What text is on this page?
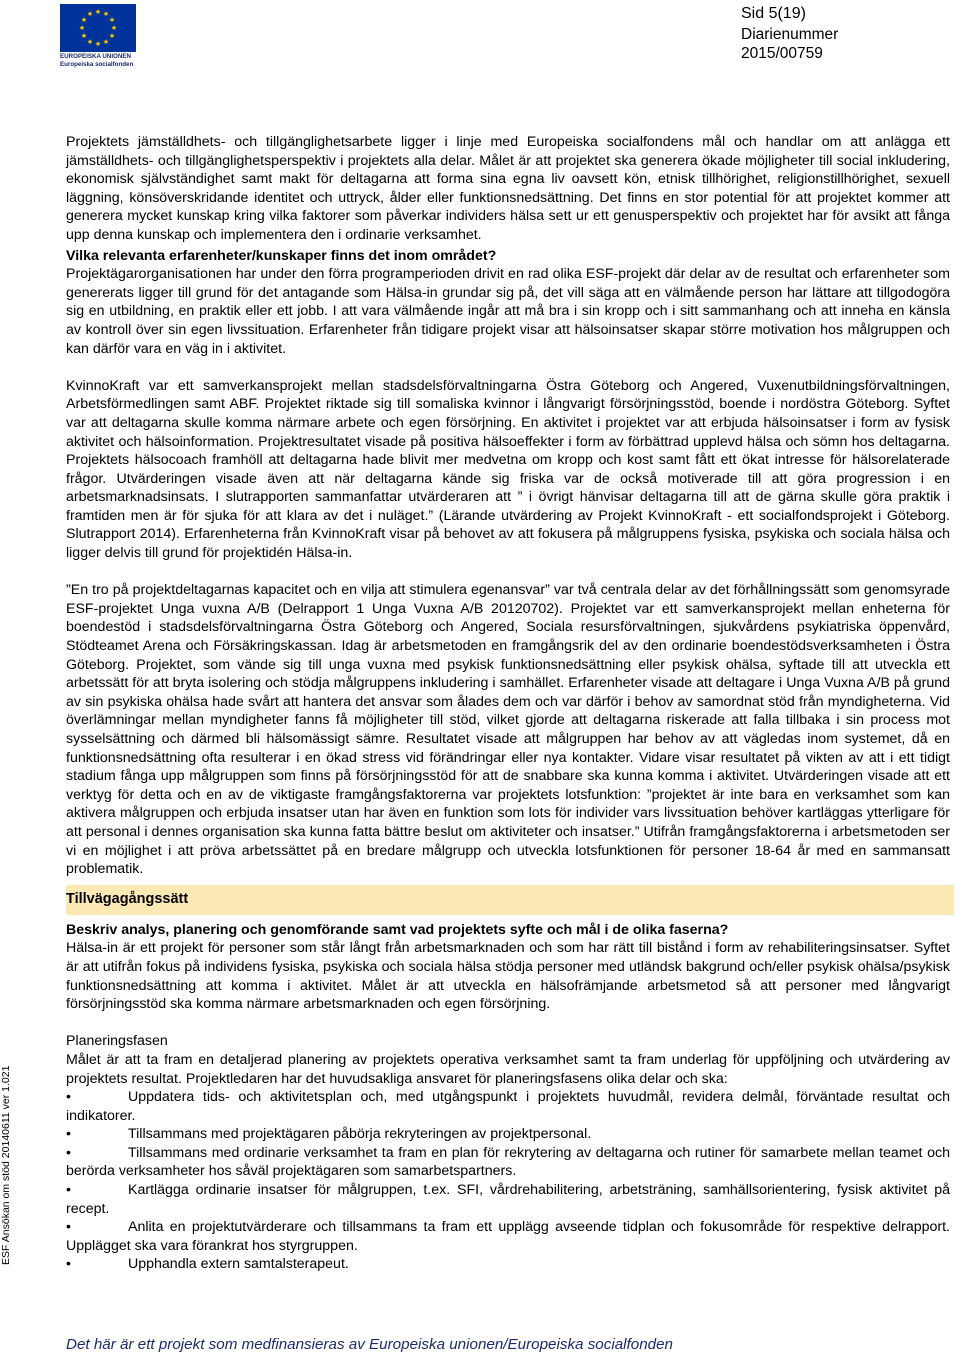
★ ★
★
★
★
★
★
★
★
★
★
★
EUROPEISKA UNIONEN
Europeiska socialfonden
Sid 5(19)
Diarienummer
2015/00759
ESF Ansökan om stöd 20140611 ver 1.021

Projektets jämställdhets- och tillgänglighetsarbete ligger i linje med Europeiska socialfondens mål och handlar om att anlägga ett jämställdhets- och tillgänglighetsperspektiv i projektets alla delar. Målet är att projektet ska generera ökade möjligheter till social inkludering, ekonomisk självständighet samt makt för deltagarna att forma sina egna liv oavsett kön, etnisk tillhörighet, religionstillhörighet, sexuell läggning, könsöverskridande identitet och uttryck, ålder eller funktionsnedsättning. Det finns en stor potential för att projektet kommer att generera mycket kunskap kring vilka faktorer som påverkar individers hälsa sett ur ett genusperspektiv och projektet har för avsikt att fånga upp denna kunskap och implementera den i ordinarie verksamhet.

Vilka relevanta erfarenheter/kunskaper finns det inom området?

Projektägarorganisationen har under den förra programperioden drivit en rad olika ESF-projekt där delar av de resultat och erfarenheter som genererats ligger till grund för det antagande som Hälsa-in grundar sig på, det vill säga att en välmående person har lättare att tillgodogöra sig en utbildning, en praktik eller ett jobb. I att vara välmående ingår att må bra i sin kropp och i sitt sammanhang och att inneha en känsla av kontroll över sin egen livssituation. Erfarenheter från tidigare projekt visar att hälsoinsatser skapar större motivation hos målgruppen och kan därför vara en väg in i aktivitet.

KvinnoKraft var ett samverkansprojekt mellan stadsdelsförvaltningarna Östra Göteborg och Angered, Vuxenutbildningsförvaltningen, Arbetsförmedlingen samt ABF. Projektet riktade sig till somaliska kvinnor i långvarigt försörjningsstöd, boende i nordöstra Göteborg. Syftet var att deltagarna skulle komma närmare arbete och egen försörjning. En aktivitet i projektet var att erbjuda hälsoinsatser i form av fysisk aktivitet och hälsoinformation. Projektresultatet visade på positiva hälsoeffekter i form av förbättrad upplevd hälsa och sömn hos deltagarna. Projektets hälsocoach framhöll att deltagarna hade blivit mer medvetna om kropp och kost samt fått ett ökat intresse för hälsorelaterade frågor. Utvärderingen visade även att när deltagarna kände sig friska var de också motiverade till att göra progression i en arbetsmarknadsinsats. I slutrapporten sammanfattar utvärderaren att ” i övrigt hänvisar deltagarna till att de gärna skulle göra praktik i framtiden men är för sjuka för att klara av det i nuläget.” (Lärande utvärdering av Projekt KvinnoKraft - ett socialfondsprojekt i Göteborg. Slutrapport 2014). Erfarenheterna från KvinnoKraft visar på behovet av att fokusera på målgruppens fysiska, psykiska och sociala hälsa och ligger delvis till grund för projektidén Hälsa-in.

”En tro på projektdeltagarnas kapacitet och en vilja att stimulera egenansvar” var två centrala delar av det förhållningssätt som genomsyrade ESF-projektet Unga vuxna A/B (Delrapport 1 Unga Vuxna A/B 20120702). Projektet var ett samverkansprojekt mellan enheterna för boendestöd i stadsdelsförvaltningarna Östra Göteborg och Angered, Sociala resursförvaltningen, sjukvårdens psykiatriska öppenvård, Stödteamet Arena och Försäkringskassan. Idag är arbetsmetoden en framgångsrik del av den ordinarie boendestödsverksamheten i Östra Göteborg. Projektet, som vände sig till unga vuxna med psykisk funktionsnedsättning eller psykisk ohälsa, syftade till att utveckla ett arbetssätt för att bryta isolering och stödja målgruppens inkludering i samhället. Erfarenheter visade att deltagare i Unga Vuxna A/B på grund av sin psykiska ohälsa hade svårt att hantera det ansvar som ålades dem och var därför i behov av samordnat stöd från myndigheterna. Vid överlämningar mellan myndigheter fanns få möjligheter till stöd, vilket gjorde att deltagarna riskerade att falla tillbaka i sin process mot sysselsättning och därmed bli hälsomässigt sämre. Resultatet visade att målgruppen har behov av att vägledas inom systemet, då en funktionsnedsättning ofta resulterar i en ökad stress vid förändringar eller nya kontakter. Vidare visar resultatet på vikten av att i ett tidigt stadium fånga upp målgruppen som finns på försörjningsstöd för att de snabbare ska kunna komma i aktivitet. Utvärderingen visade att ett verktyg för detta och en av de viktigaste framgångsfaktorerna var projektets lotsfunktion: ”projektet är inte bara en verksamhet som kan aktivera målgruppen och erbjuda insatser utan har även en funktion som lots för individer vars livssituation behöver kartläggas ytterligare för att personal i dennes organisation ska kunna fatta bättre beslut om aktiviteter och insatser.” Utifrån framgångsfaktorerna i arbetsmetoden ser vi en möjlighet i att pröva arbetssättet på en bredare målgrupp och utveckla lotsfunktionen för personer 18-64 år med en sammansatt problematik.

Tillvägagångssätt

Beskriv analys, planering och genomförande samt vad projektets syfte och mål i de olika faserna?

Hälsa-in är ett projekt för personer som står långt från arbetsmarknaden och som har rätt till bistånd i form av rehabiliteringsinsatser. Syftet är att utifrån fokus på individens fysiska, psykiska och sociala hälsa stödja personer med utländsk bakgrund och/eller psykisk ohälsa/psykisk funktionsnedsättning att komma i aktivitet. Målet är att utveckla en hälsofrämjande arbetsmetod så att personer med långvarigt försörjningsstöd ska komma närmare arbetsmarknaden och egen försörjning.

Planeringsfasen

Målet är att ta fram en detaljerad planering av projektets operativa verksamhet samt ta fram underlag för uppföljning och utvärdering av projektets resultat. Projektledaren har det huvudsakliga ansvaret för planeringsfasens olika delar och ska:

•	Uppdatera tids- och aktivitetsplan och, med utgångspunkt i projektets huvudmål, revidera delmål, förväntade resultat och indikatorer.
•	Tillsammans med projektägaren påbörja rekryteringen av projektpersonal.
•	Tillsammans med ordinarie verksamhet ta fram en plan för rekrytering av deltagarna och rutiner för samarbete mellan teamet och berörda verksamheter hos såväl projektägaren som samarbetspartners.
•	Kartlägga ordinarie insatser för målgruppen, t.ex. SFI, vårdrehabilitering, arbetsträning, samhällsorientering, fysisk aktivitet på recept.
•	Anlita en projektutvärderare och tillsammans ta fram ett upplägg avseende tidplan och fokusområde för respektive delrapport. Upplägget ska vara förankrat hos styrgruppen.
•	Upphandla extern samtalsterapeut.
Det här är ett projekt som medfinansieras av Europeiska unionen/Europeiska socialfonden
